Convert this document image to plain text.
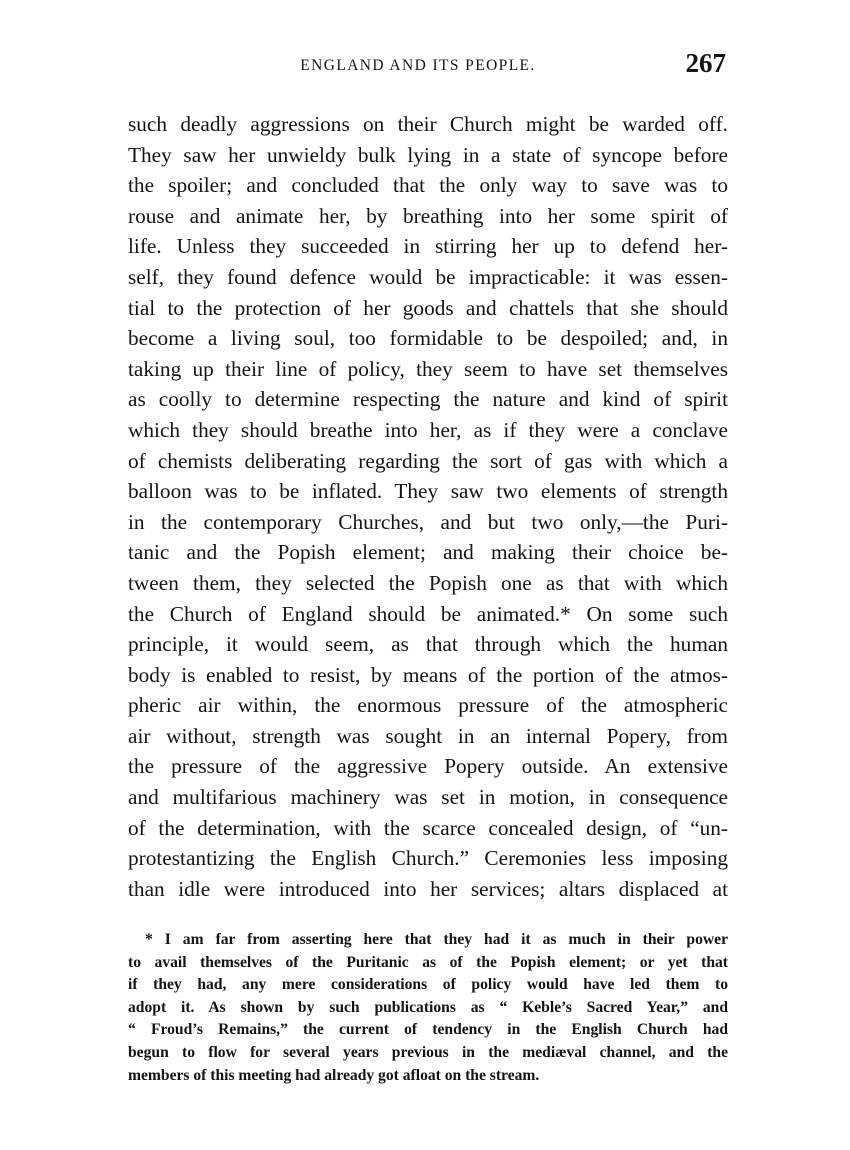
ENGLAND AND ITS PEOPLE.	267
such deadly aggressions on their Church might be warded off.
They saw her unwieldy bulk lying in a state of syncope before
the spoiler; and concluded that the only way to save was to
rouse and animate her, by breathing into her some spirit of
life. Unless they succeeded in stirring her up to defend her-
self, they found defence would be impracticable: it was essen-
tial to the protection of her goods and chattels that she should
become a living soul, too formidable to be despoiled; and, in
taking up their line of policy, they seem to have set themselves
as coolly to determine respecting the nature and kind of spirit
which they should breathe into her, as if they were a conclave
of chemists deliberating regarding the sort of gas with which a
balloon was to be inflated. They saw two elements of strength
in the contemporary Churches, and but two only,—the Puri-
tanic and the Popish element; and making their choice be-
tween them, they selected the Popish one as that with which
the Church of England should be animated.* On some such
principle, it would seem, as that through which the human
body is enabled to resist, by means of the portion of the atmos-
pheric air within, the enormous pressure of the atmospheric
air without, strength was sought in an internal Popery, from
the pressure of the aggressive Popery outside. An extensive
and multifarious machinery was set in motion, in consequence
of the determination, with the scarce concealed design, of “un-
protestantizing the English Church.” Ceremonies less imposing
than idle were introduced into her services; altars displaced at
* I am far from asserting here that they had it as much in their power
to avail themselves of the Puritanic as of the Popish element; or yet that
if they had, any mere considerations of policy would have led them to
adopt it. As shown by such publications as “ Keble’s Sacred Year,” and
“ Froud’s Remains,” the current of tendency in the English Church had
begun to flow for several years previous in the mediæval channel, and the
members of this meeting had already got afloat on the stream.
